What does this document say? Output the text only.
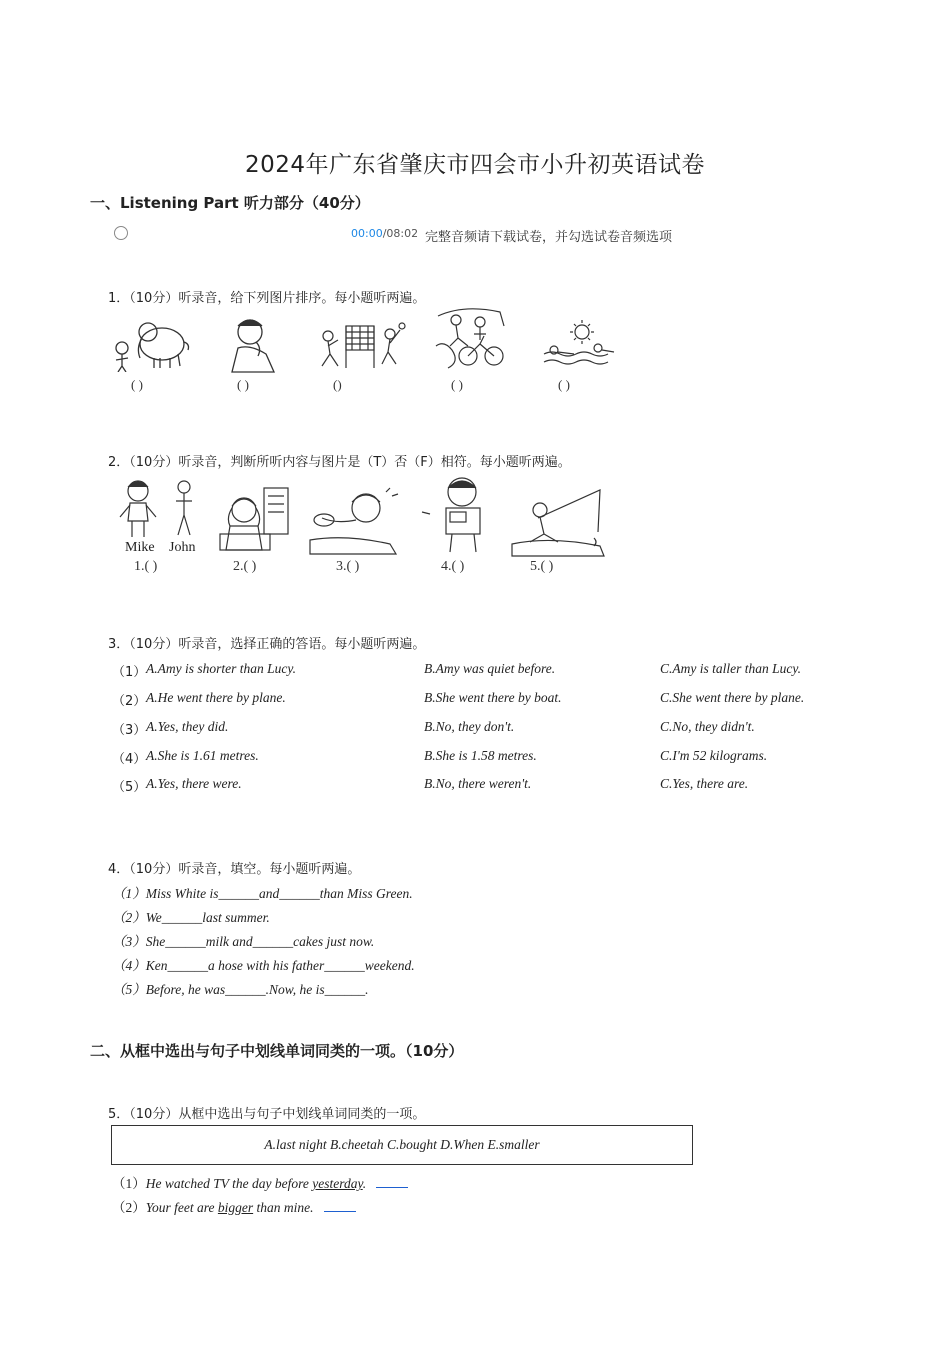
2024年广东省肇庆市四会市小升初英语试卷
一、Listening Part 听力部分（40分）
00:00/08:02 完整音频请下载试卷，并勾选试卷音频选项
1．（10分）听录音，给下列图片排序。每小题听两遍。
( )	( )	()	( )	( )
2．（10分）听录音，判断所听内容与图片是（T）否（F）相符。每小题听两遍。
Mike John
1.( )	2.( )	3.( )	4.( )	5.( )
3．（10分）听录音，选择正确的答语。每小题听两遍。
（1） A.Amy is shorter than Lucy.	B.Amy was quiet before.	C.Amy is taller than Lucy.
（2） A.He went there by plane.	B.She went there by boat.	C.She went there by plane.
（3） A.Yes, they did.	B.No, they don't.	C.No, they didn't.
（4） A.She is 1.61 metres.	B.She is 1.58 metres.	C.I'm 52 kilograms.
（5） A.Yes, there were.	B.No, there weren't.	C.Yes, there are.
4．（10分）听录音，填空。每小题听两遍。
（1）Miss White is______and______than Miss Green.
（2）We______last summer.
（3）She______milk and______cakes just now.
（4）Ken______a hose with his father______weekend.
（5）Before, he was______.Now, he is______.
二、从框中选出与句子中划线单词同类的一项。（10分）
5．（10分）从框中选出与句子中划线单词同类的一项。
A.last night B.cheetah C.bought D.When E.smaller
（1）He watched TV the day before yesterday.
（2）Your feet are bigger than mine.
